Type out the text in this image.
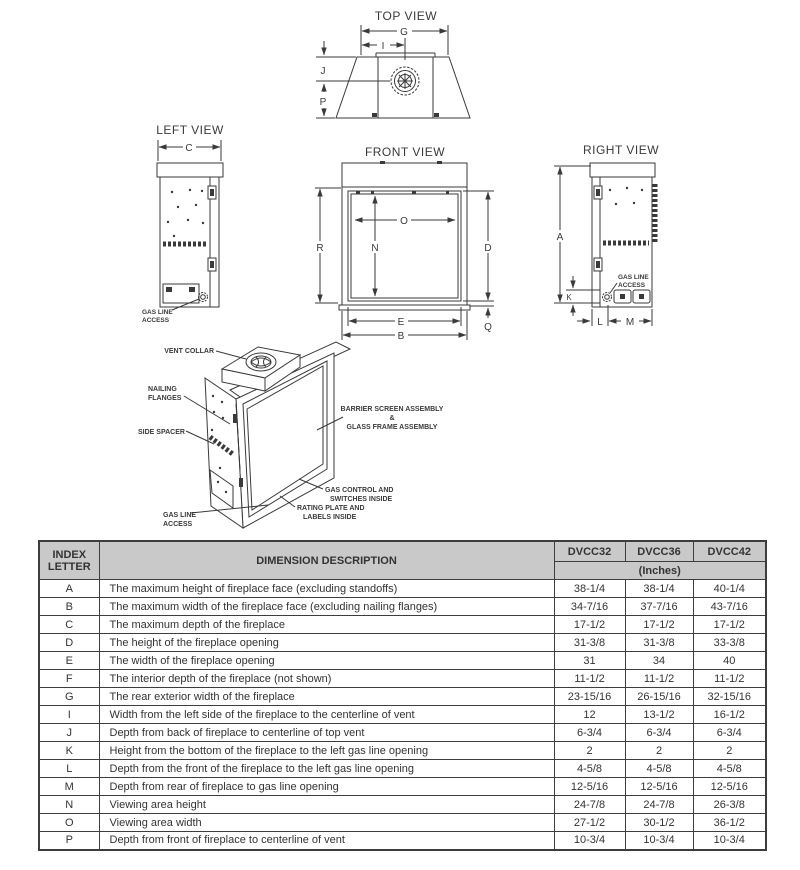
TOP VIEW
G
I
J
P
LEFT VIEW
C
GAS LINE
ACCESS
FRONT VIEW
R	N
O
D
Q
E
B
RIGHT VIEW
A
GAS LINE
ACCESS
K
L M
VENT COLLAR
NAILING
FLANGES
SIDE SPACER
GAS LINE
ACCESS
BARRIER SCREEN ASSEMBLY
&
GLASS FRAME ASSEMBLY
GAS CONTROL AND
SWITCHES INSIDE
RATING PLATE AND
LABELS INSIDE
INDEX
LETTER	DIMENSION DESCRIPTION	DVCC32	DVCC36	DVCC42
		(Inches)		
A	The maximum height of fireplace face (excluding standoffs)	38-1/4	38-1/4	40-1/4
B	The maximum width of the fireplace face (excluding nailing flanges)	34-7/16	37-7/16	43-7/16
C	The maximum depth of the fireplace	17-1/2	17-1/2	17-1/2
D	The height of the fireplace opening	31-3/8	31-3/8	33-3/8
E	The width of the fireplace opening	31	34	40
F	The interior depth of the fireplace (not shown)	11-1/2	11-1/2	11-1/2
G	The rear exterior width of the fireplace	23-15/16	26-15/16	32-15/16
I	Width from the left side of the fireplace to the centerline of vent	12	13-1/2	16-1/2
J	Depth from back of fireplace to centerline of top vent	6-3/4	6-3/4	6-3/4
K	Height from the bottom of the fireplace to the left gas line opening	2	2	2
L	Depth from the front of the fireplace to the left gas line opening	4-5/8	4-5/8	4-5/8
M	Depth from rear of fireplace to gas line opening	12-5/16	12-5/16	12-5/16
N	Viewing area height	24-7/8	24-7/8	26-3/8
O	Viewing area width	27-1/2	30-1/2	36-1/2
P	Depth from front of fireplace to centerline of vent	10-3/4	10-3/4	10-3/4
